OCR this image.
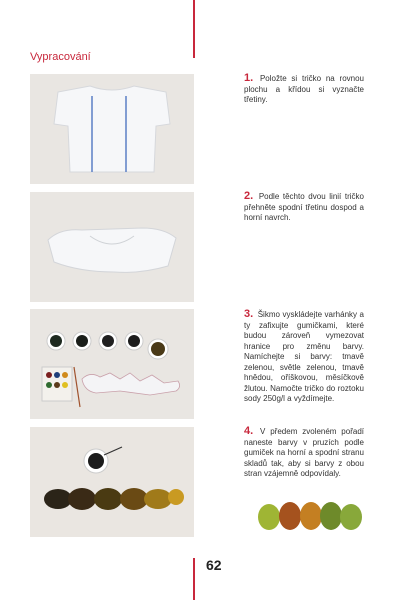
Vypracování
1. Položte si tričko na rovnou plochu a křídou si vyznačte třetiny.
2. Podle těchto dvou linií tričko přehněte spodní třetinu dospod a horní navrch.
3. Šikmo vyskládejte varhánky a ty zafixujte gumičkami, které budou zároveň vymezovat hranice pro změnu barvy. Namíchejte si barvy: tmavě zelenou, světle zelenou, tmavě hnědou, oříškovou, měsíčkově žlutou. Namočte tričko do roztoku sody 250g/l a vyždímejte.
4. V předem zvoleném pořadí naneste barvy v pruzích podle gumiček na horní a spodní stranu skladů tak, aby si barvy z obou stran vzájemně odpovídaly.
62
